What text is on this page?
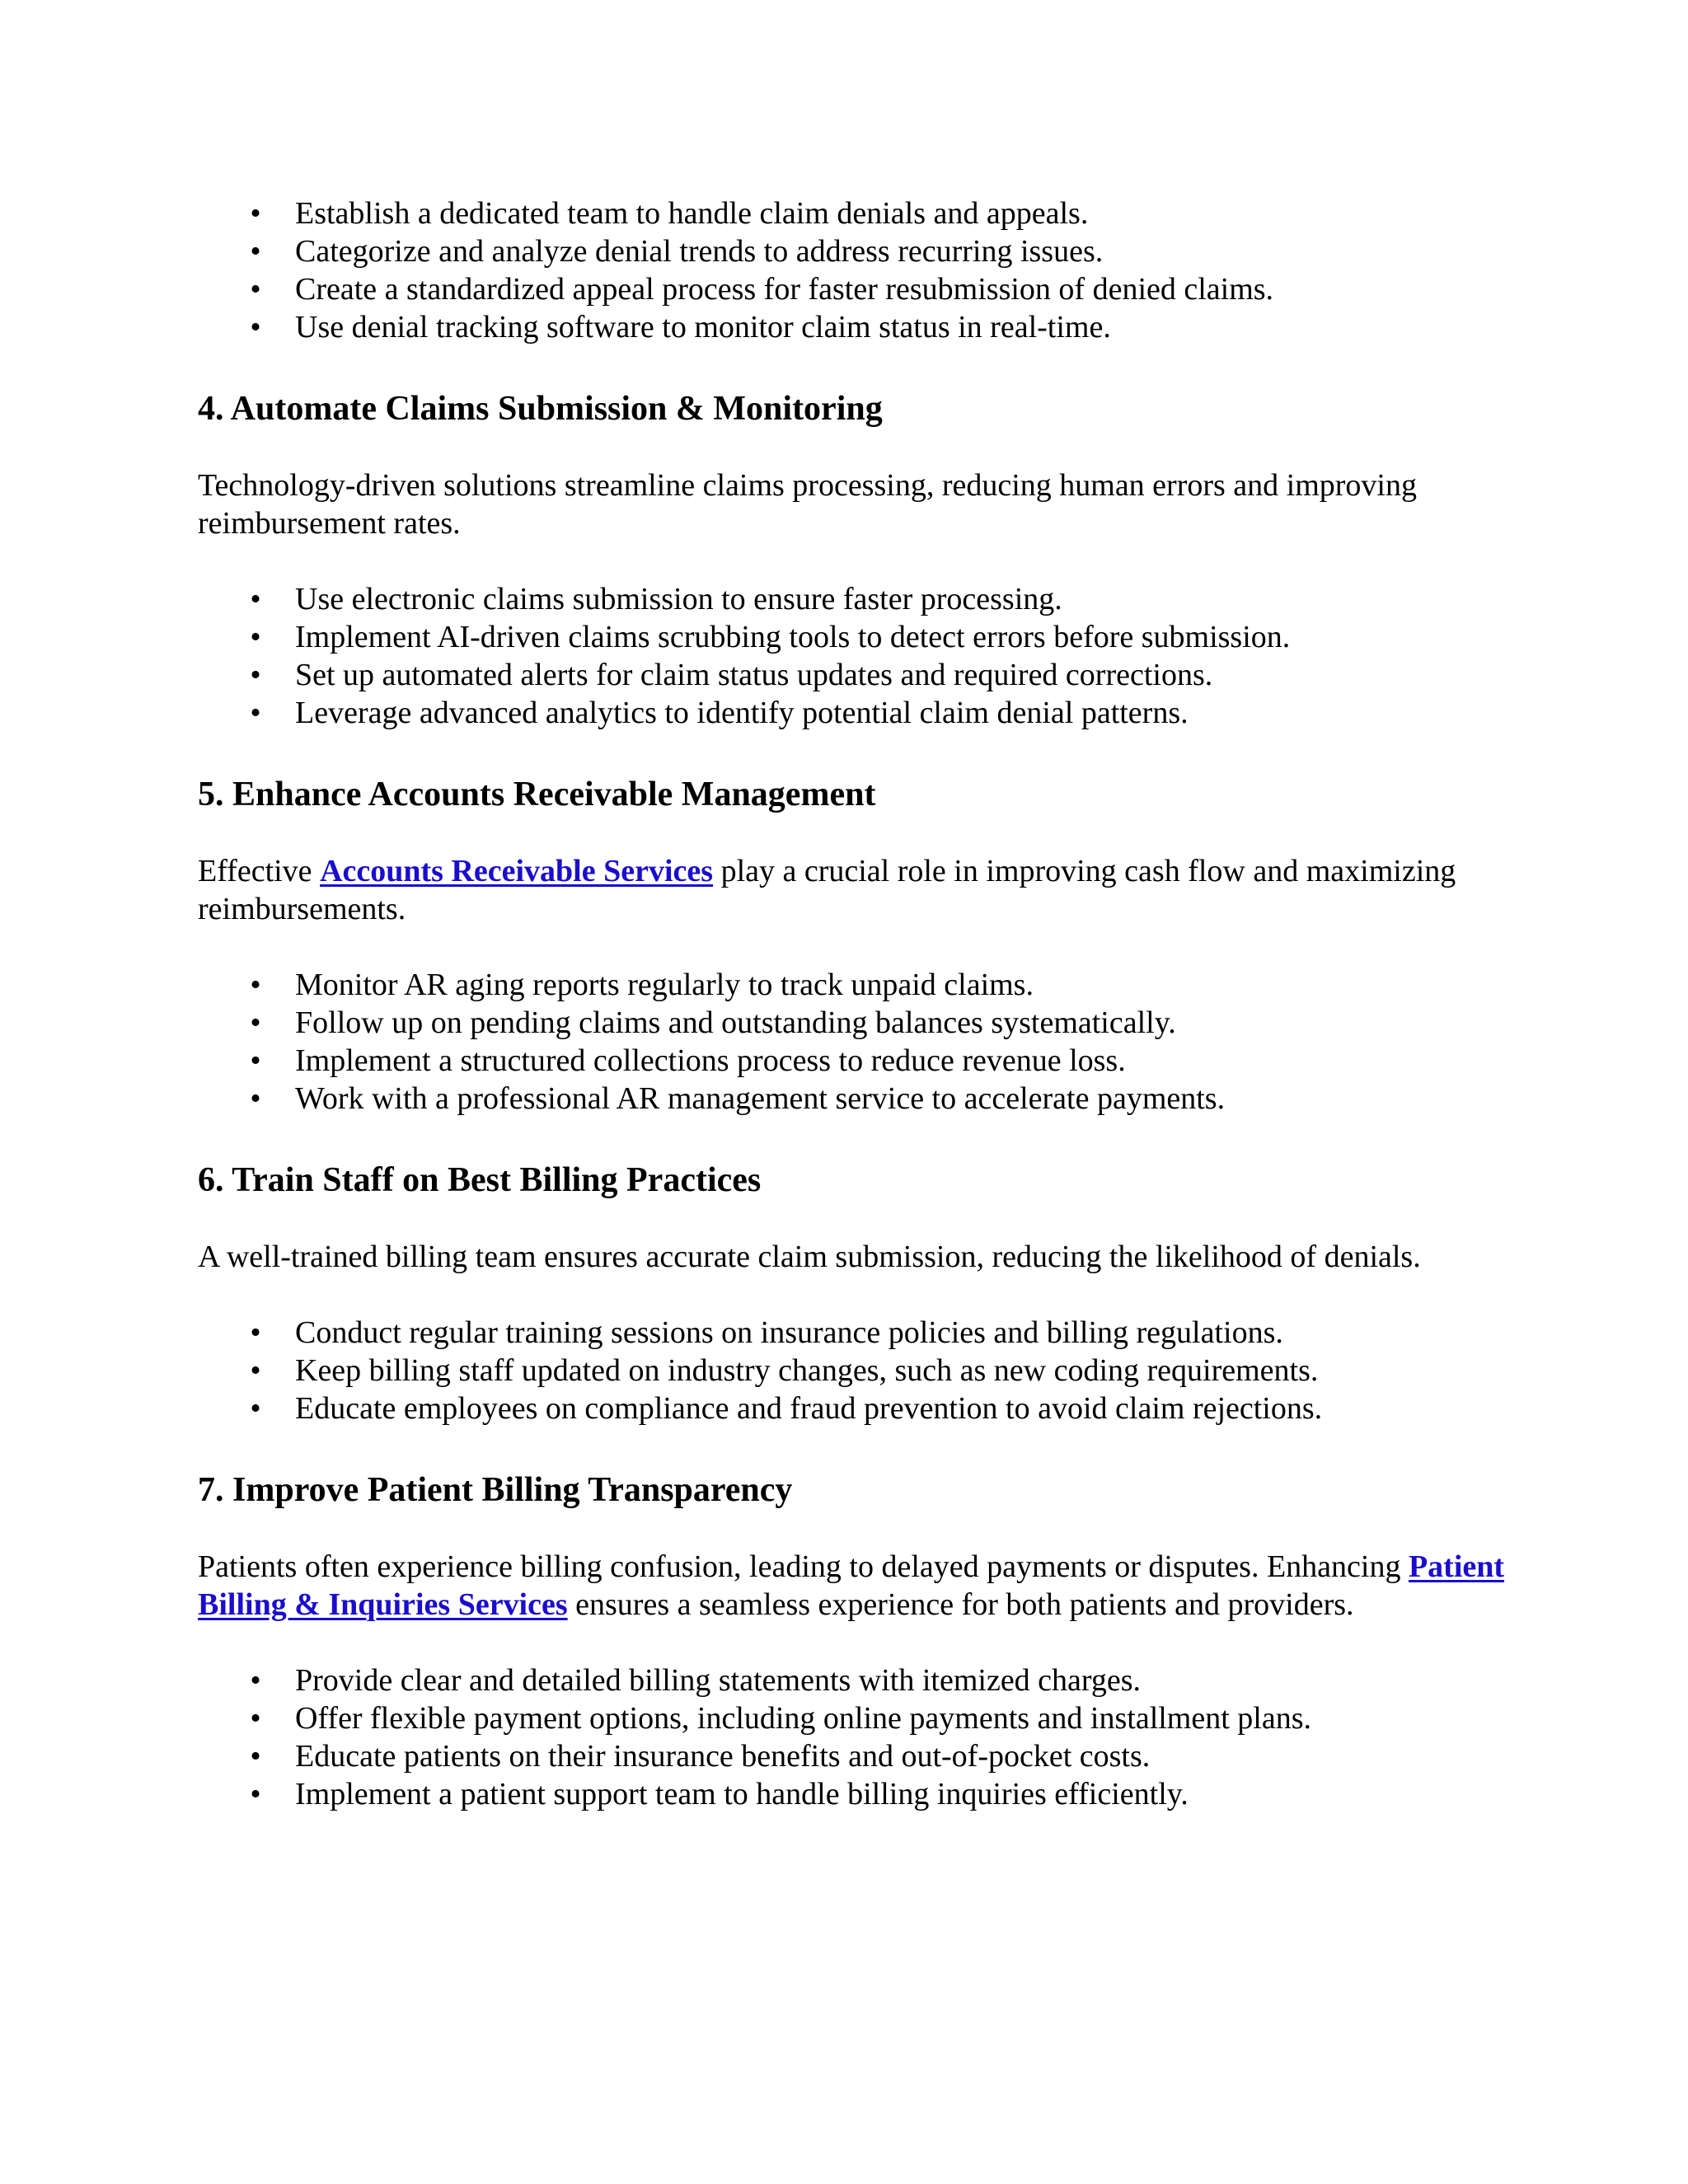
• Establish a dedicated team to handle claim denials and appeals.
• Categorize and analyze denial trends to address recurring issues.
• Create a standardized appeal process for faster resubmission of denied claims.
• Use denial tracking software to monitor claim status in real-time.
4. Automate Claims Submission & Monitoring

Technology-driven solutions streamline claims processing, reducing human errors and improving reimbursement rates.

• Use electronic claims submission to ensure faster processing.
• Implement AI-driven claims scrubbing tools to detect errors before submission.
• Set up automated alerts for claim status updates and required corrections.
• Leverage advanced analytics to identify potential claim denial patterns.
5. Enhance Accounts Receivable Management

Effective Accounts Receivable Services play a crucial role in improving cash flow and maximizing reimbursements.

• Monitor AR aging reports regularly to track unpaid claims.
• Follow up on pending claims and outstanding balances systematically.
• Implement a structured collections process to reduce revenue loss.
• Work with a professional AR management service to accelerate payments.
6. Train Staff on Best Billing Practices

A well-trained billing team ensures accurate claim submission, reducing the likelihood of denials.

• Conduct regular training sessions on insurance policies and billing regulations.
• Keep billing staff updated on industry changes, such as new coding requirements.
• Educate employees on compliance and fraud prevention to avoid claim rejections.
7. Improve Patient Billing Transparency

Patients often experience billing confusion, leading to delayed payments or disputes. Enhancing Patient Billing & Inquiries Services ensures a seamless experience for both patients and providers.

• Provide clear and detailed billing statements with itemized charges.
• Offer flexible payment options, including online payments and installment plans.
• Educate patients on their insurance benefits and out-of-pocket costs.
• Implement a patient support team to handle billing inquiries efficiently.
